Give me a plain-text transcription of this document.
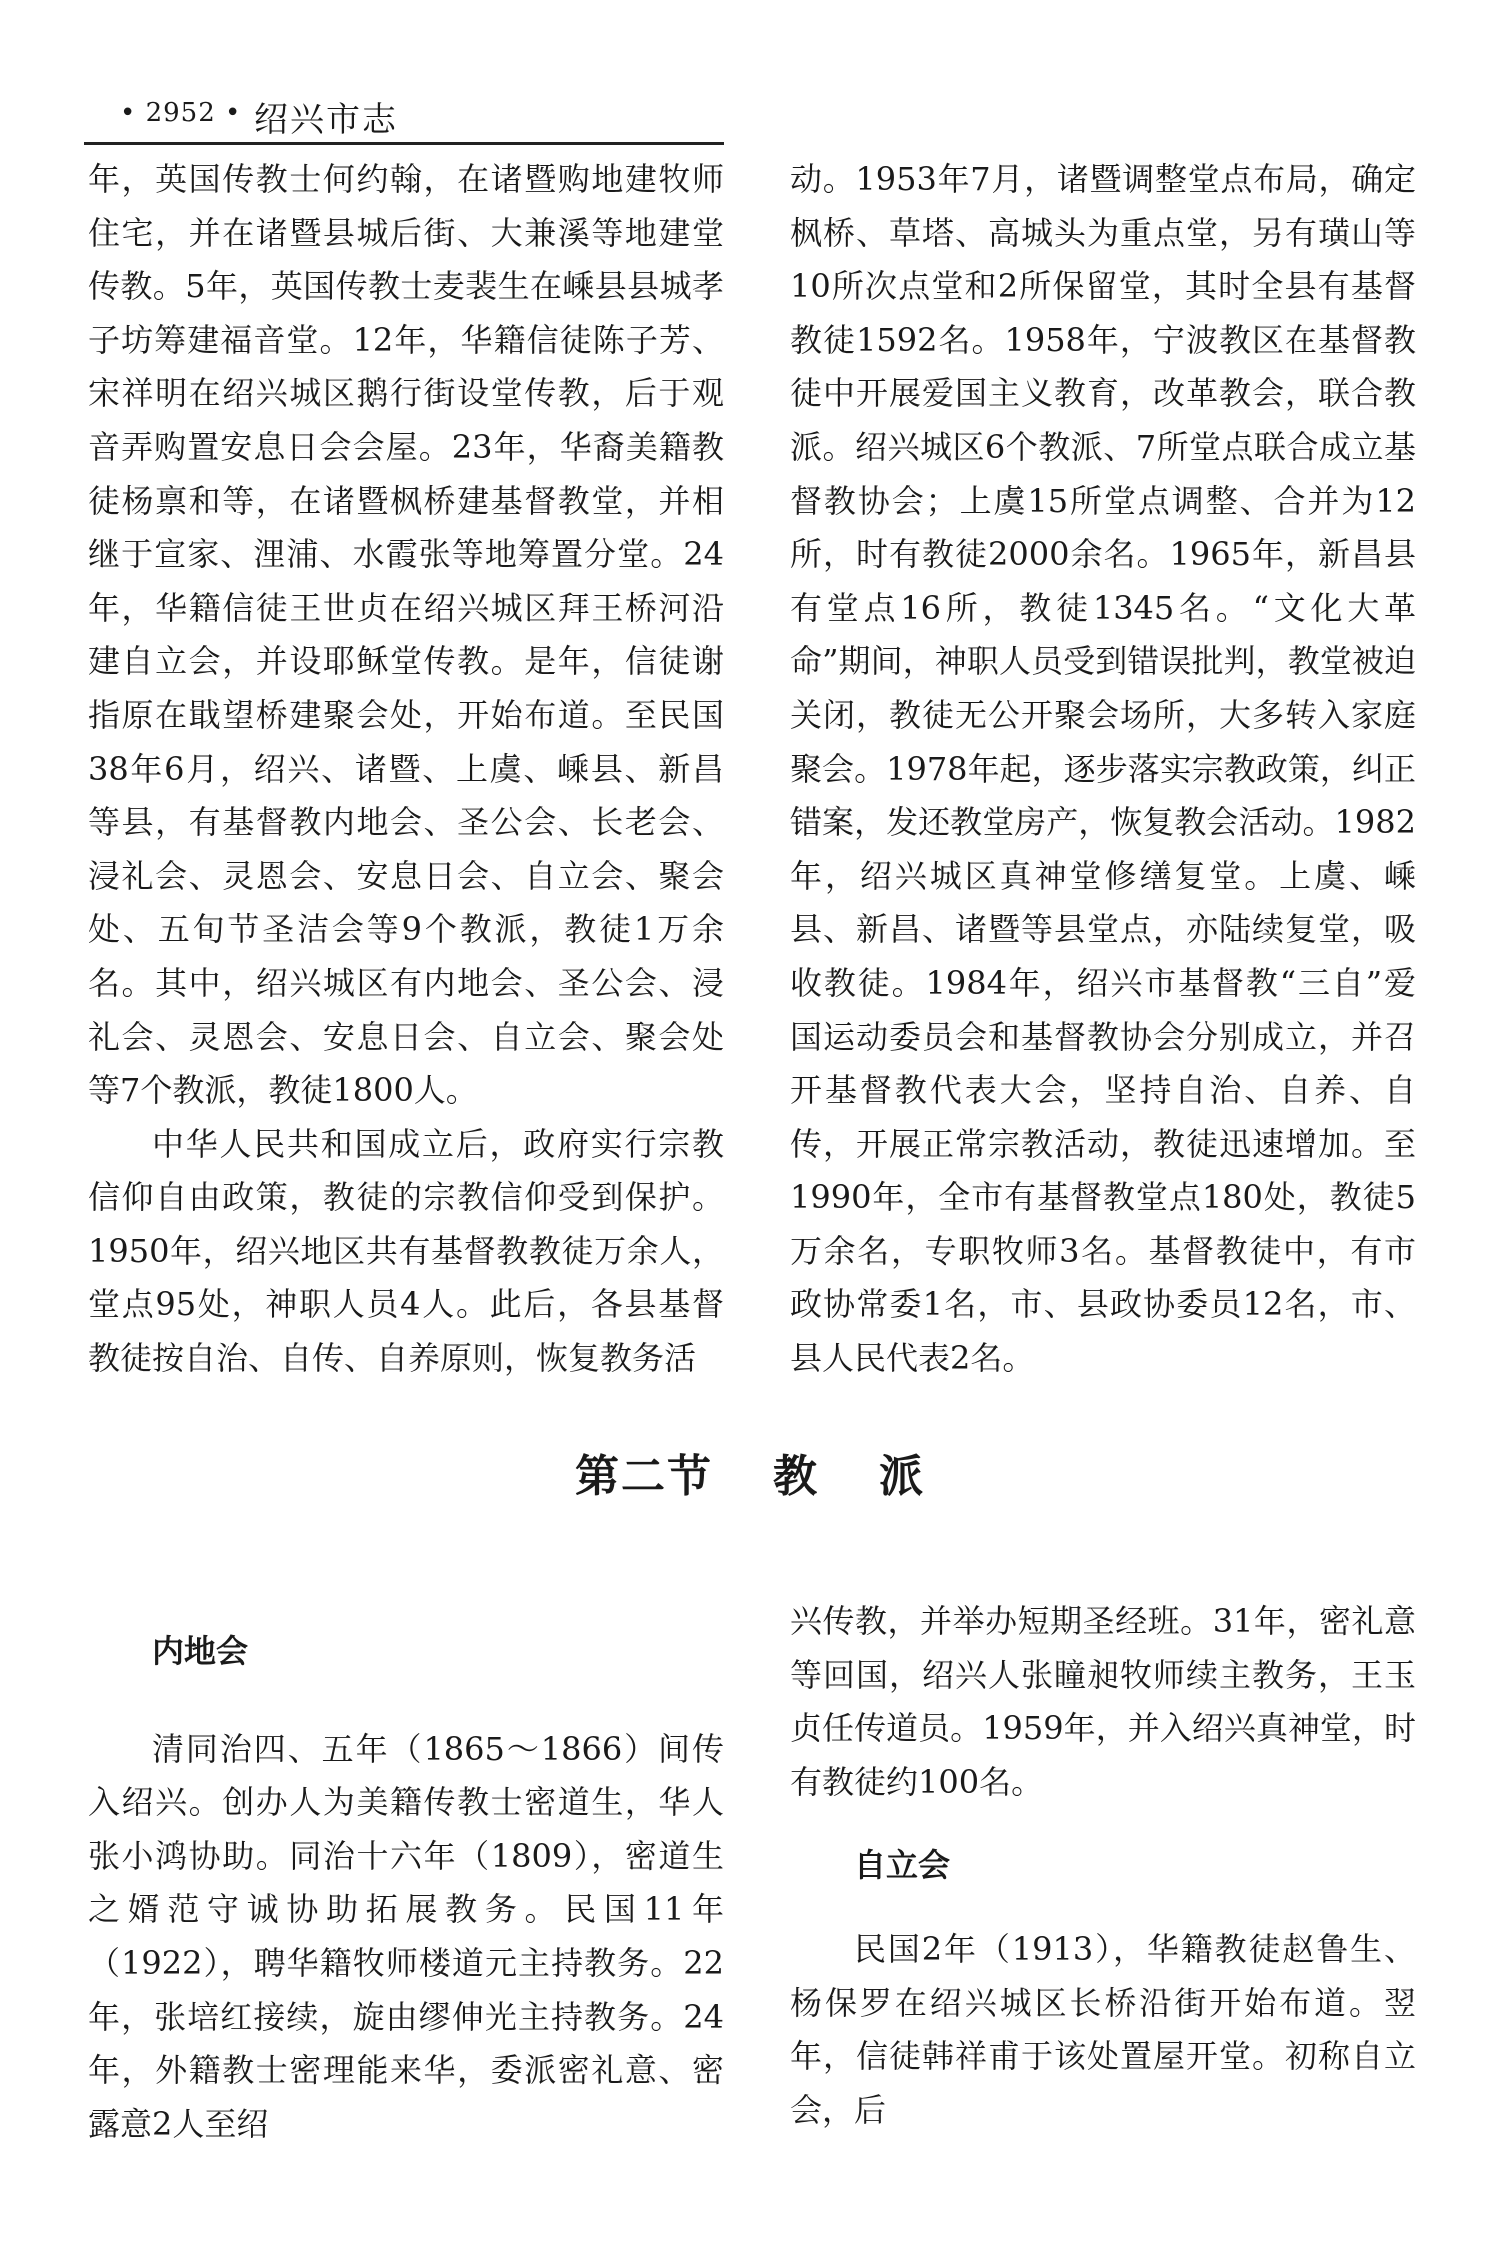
• 2952 • 绍兴市志

年，英国传教士何约翰，在诸暨购地建牧师住宅，并在诸暨县城后街、大兼溪等地建堂传教。5年，英国传教士麦裴生在嵊县县城孝子坊筹建福音堂。12年，华籍信徒陈子芳、宋祥明在绍兴城区鹅行街设堂传教，后于观音弄购置安息日会会屋。23年，华裔美籍教徒杨禀和等，在诸暨枫桥建基督教堂，并相继于宣家、浬浦、水霞张等地筹置分堂。24年，华籍信徒王世贞在绍兴城区拜王桥河沿建自立会，并设耶稣堂传教。是年，信徒谢指原在戢望桥建聚会处，开始布道。至民国38年6月，绍兴、诸暨、上虞、嵊县、新昌等县，有基督教内地会、圣公会、长老会、浸礼会、灵恩会、安息日会、自立会、聚会处、五旬节圣洁会等9个教派，教徒1万余名。其中，绍兴城区有内地会、圣公会、浸礼会、灵恩会、安息日会、自立会、聚会处等7个教派，教徒1800人。

中华人民共和国成立后，政府实行宗教信仰自由政策，教徒的宗教信仰受到保护。1950年，绍兴地区共有基督教教徒万余人，堂点95处，神职人员4人。此后，各县基督教徒按自治、自传、自养原则，恢复教务活

动。1953年7月，诸暨调整堂点布局，确定枫桥、草塔、高城头为重点堂，另有璜山等10所次点堂和2所保留堂，其时全县有基督教徒1592名。1958年，宁波教区在基督教徒中开展爱国主义教育，改革教会，联合教派。绍兴城区6个教派、7所堂点联合成立基督教协会；上虞15所堂点调整、合并为12所，时有教徒2000余名。1965年，新昌县有堂点16所，教徒1345名。“文化大革命”期间，神职人员受到错误批判，教堂被迫关闭，教徒无公开聚会场所，大多转入家庭聚会。1978年起，逐步落实宗教政策，纠正错案，发还教堂房产，恢复教会活动。1982年，绍兴城区真神堂修缮复堂。上虞、嵊县、新昌、诸暨等县堂点，亦陆续复堂，吸收教徒。1984年，绍兴市基督教“三自”爱国运动委员会和基督教协会分别成立，并召开基督教代表大会，坚持自治、自养、自传，开展正常宗教活动，教徒迅速增加。至1990年，全市有基督教堂点180处，教徒5万余名，专职牧师3名。基督教徒中，有市政协常委1名，市、县政协委员12名，市、县人民代表2名。

第二节 教 派
内地会

清同治四、五年（1865～1866）间传入绍兴。创办人为美籍传教士密道生，华人张小鸿协助。同治十六年（1809），密道生之婿范守诚协助拓展教务。民国11年（1922），聘华籍牧师楼道元主持教务。22年，张培红接续，旋由缪伸光主持教务。24年，外籍教士密理能来华，委派密礼意、密露意2人至绍

兴传教，并举办短期圣经班。31年，密礼意等回国，绍兴人张瞳昶牧师续主教务，王玉贞任传道员。1959年，并入绍兴真神堂，时有教徒约100名。

自立会

民国2年（1913），华籍教徒赵鲁生、杨保罗在绍兴城区长桥沿街开始布道。翌年，信徒韩祥甫于该处置屋开堂。初称自立会，后
